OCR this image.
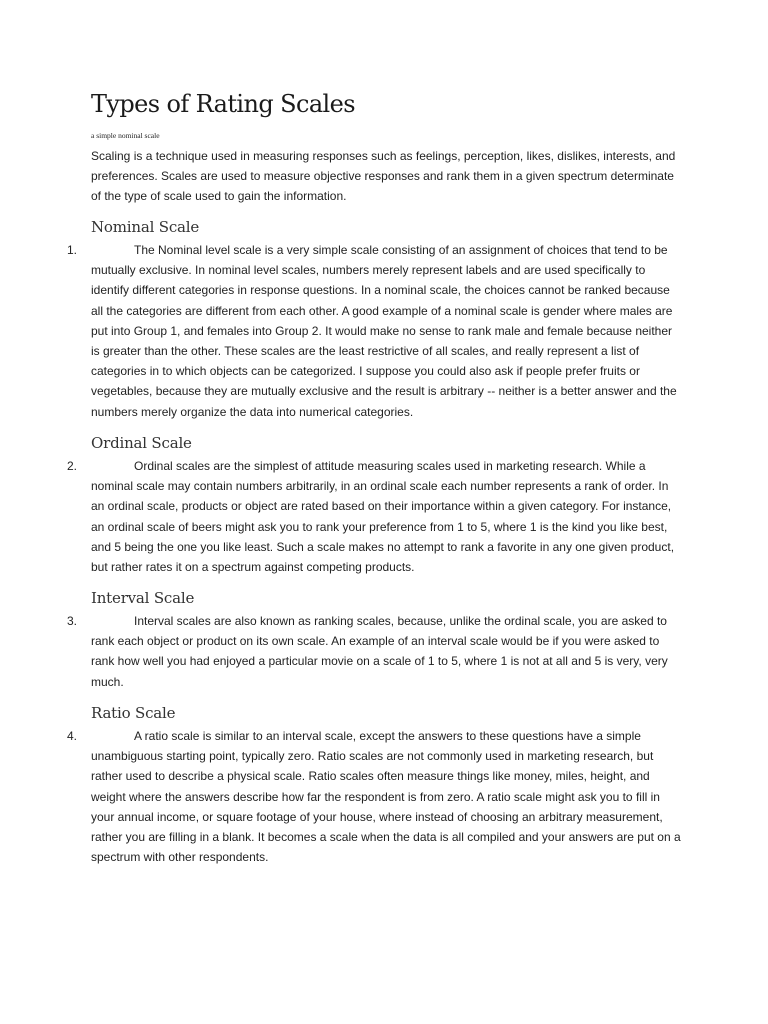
Types of Rating Scales
a simple nominal scale

Scaling is a technique used in measuring responses such as feelings, perception, likes, dislikes, interests, and preferences. Scales are used to measure objective responses and rank them in a given spectrum determinate of the type of scale used to gain the information.

Nominal Scale
1.	The Nominal level scale is a very simple scale consisting of an assignment of choices that tend to be mutually exclusive. In nominal level scales, numbers merely represent labels and are used specifically to identify different categories in response questions. In a nominal scale, the choices cannot be ranked because all the categories are different from each other. A good example of a nominal scale is gender where males are put into Group 1, and females into Group 2. It would make no sense to rank male and female because neither is greater than the other. These scales are the least restrictive of all scales, and really represent a list of categories in to which objects can be categorized. I suppose you could also ask if people prefer fruits or vegetables, because they are mutually exclusive and the result is arbitrary -- neither is a better answer and the numbers merely organize the data into numerical categories.

Ordinal Scale
2.	Ordinal scales are the simplest of attitude measuring scales used in marketing research. While a nominal scale may contain numbers arbitrarily, in an ordinal scale each number represents a rank of order. In an ordinal scale, products or object are rated based on their importance within a given category. For instance, an ordinal scale of beers might ask you to rank your preference from 1 to 5, where 1 is the kind you like best, and 5 being the one you like least. Such a scale makes no attempt to rank a favorite in any one given product, but rather rates it on a spectrum against competing products.

Interval Scale
3.	Interval scales are also known as ranking scales, because, unlike the ordinal scale, you are asked to rank each object or product on its own scale. An example of an interval scale would be if you were asked to rank how well you had enjoyed a particular movie on a scale of 1 to 5, where 1 is not at all and 5 is very, very much.

Ratio Scale
4.	A ratio scale is similar to an interval scale, except the answers to these questions have a simple unambiguous starting point, typically zero. Ratio scales are not commonly used in marketing research, but rather used to describe a physical scale. Ratio scales often measure things like money, miles, height, and weight where the answers describe how far the respondent is from zero. A ratio scale might ask you to fill in your annual income, or square footage of your house, where instead of choosing an arbitrary measurement, rather you are filling in a blank. It becomes a scale when the data is all compiled and your answers are put on a spectrum with other respondents.
